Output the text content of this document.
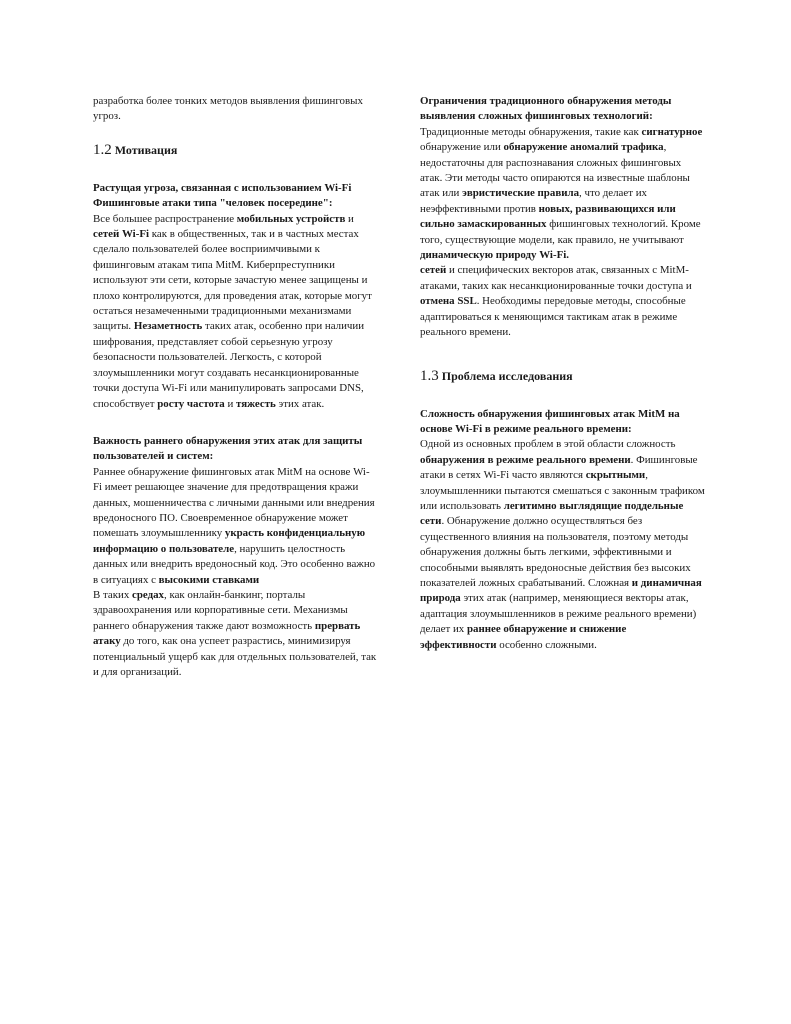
разработка более тонких методов выявления фишинговых угроз.

1.2 Мотивация

Растущая угроза, связанная с использованием Wi-Fi Фишинговые атаки типа "человек посередине":

Все большее распространение мобильных устройств и сетей Wi-Fi как в общественных, так и в частных местах сделало пользователей более восприимчивыми к фишинговым атакам типа MitM. Киберпреступники используют эти сети, которые зачастую менее защищены и плохо контролируются, для проведения атак, которые могут остаться незамеченными традиционными механизмами защиты. Незаметность таких атак, особенно при наличии шифрования, представляет собой серьезную угрозу безопасности пользователей. Легкость, с которой злоумышленники могут создавать несанкционированные точки доступа Wi-Fi или манипулировать запросами DNS, способствует росту частота и тяжесть этих атак.

Важность раннего обнаружения этих атак для защиты пользователей и систем:

Раннее обнаружение фишинговых атак MitM на основе Wi-Fi имеет решающее значение для предотвращения кражи данных, мошенничества с личными данными или внедрения вредоносного ПО. Своевременное обнаружение может помешать злоумышленнику украсть конфиденциальную информацию о пользователе, нарушить целостность данных или внедрить вредоносный код. Это особенно важно в ситуациях с высокими ставками
В таких средах, как онлайн-банкинг, порталы здравоохранения или корпоративные сети. Механизмы раннего обнаружения также дают возможность прервать атаку до того, как она успеет разрастись, минимизируя потенциальный ущерб как для отдельных пользователей, так и для организаций.

Ограничения традиционного обнаружения методы выявления сложных фишинговых технологий:

Традиционные методы обнаружения, такие как сигнатурное обнаружение или обнаружение аномалий трафика, недостаточны для распознавания сложных фишинговых атак. Эти методы часто опираются на известные шаблоны атак или эвристические правила, что делает их неэффективными против новых, развивающихся или сильно замаскированных фишинговых технологий. Кроме того, существующие модели, как правило, не учитывают динамическую природу Wi-Fi.
сетей и специфических векторов атак, связанных с MitM-атаками, таких как несанкционированные точки доступа и отмена SSL. Необходимы передовые методы, способные адаптироваться к меняющимся тактикам атак в режиме реального времени.

1.3 Проблема исследования

Сложность обнаружения фишинговых атак MitM на основе Wi-Fi в режиме реального времени:

Одной из основных проблем в этой области сложность обнаружения в режиме реального времени. Фишинговые атаки в сетях Wi-Fi часто являются скрытными, злоумышленники пытаются смешаться с законным трафиком или использовать легитимно выглядящие поддельные сети. Обнаружение должно осуществляться без существенного влияния на пользователя, поэтому методы обнаружения должны быть легкими, эффективными и способными выявлять вредоносные действия без высоких показателей ложных срабатываний. Сложная и динамичная природа этих атак (например, меняющиеся векторы атак, адаптация злоумышленников в режиме реального времени) делает их раннее обнаружение и снижение эффективности особенно сложными.
